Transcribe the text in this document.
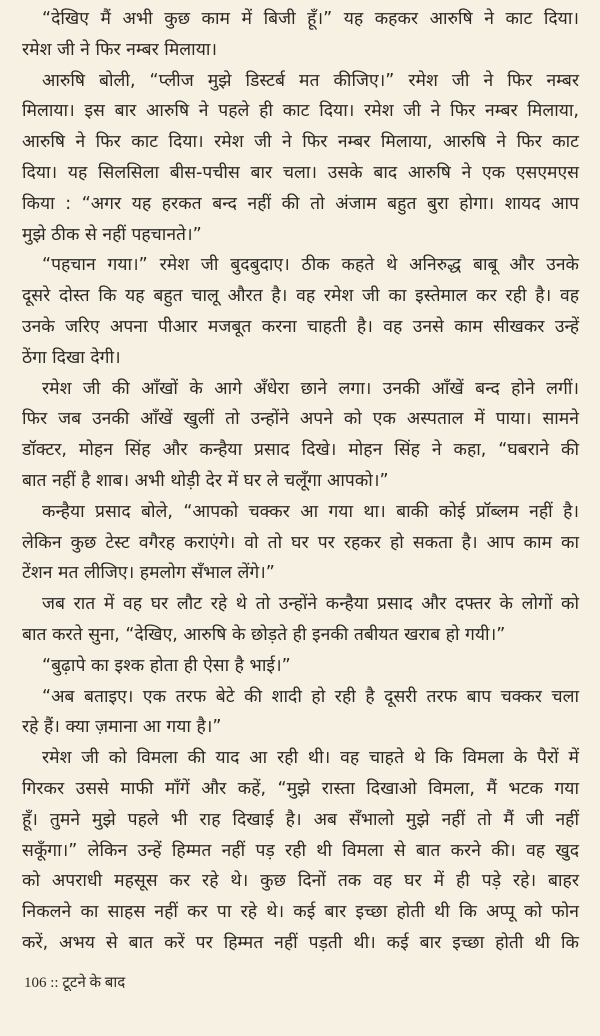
“देखिए मैं अभी कुछ काम में बिजी हूँ।” यह कहकर आरुषि ने काट दिया।
रमेश जी ने फिर नम्बर मिलाया।
आरुषि बोली, “प्लीज मुझे डिस्टर्ब मत कीजिए।” रमेश जी ने फिर नम्बर
मिलाया। इस बार आरुषि ने पहले ही काट दिया। रमेश जी ने फिर नम्बर मिलाया,
आरुषि ने फिर काट दिया। रमेश जी ने फिर नम्बर मिलाया, आरुषि ने फिर काट
दिया। यह सिलसिला बीस-पचीस बार चला। उसके बाद आरुषि ने एक एसएमएस
किया : “अगर यह हरकत बन्द नहीं की तो अंजाम बहुत बुरा होगा। शायद आप
मुझे ठीक से नहीं पहचानते।”
“पहचान गया।” रमेश जी बुदबुदाए। ठीक कहते थे अनिरुद्ध बाबू और उनके
दूसरे दोस्त कि यह बहुत चालू औरत है। वह रमेश जी का इस्तेमाल कर रही है। वह
उनके जरिए अपना पीआर मजबूत करना चाहती है। वह उनसे काम सीखकर उन्हें
ठेंगा दिखा देगी।
रमेश जी की आँखों के आगे अँधेरा छाने लगा। उनकी आँखें बन्द होने लगीं।
फिर जब उनकी आँखें खुलीं तो उन्होंने अपने को एक अस्पताल में पाया। सामने
डॉक्टर, मोहन सिंह और कन्हैया प्रसाद दिखे। मोहन सिंह ने कहा, “घबराने की
बात नहीं है शाब। अभी थोड़ी देर में घर ले चलूँगा आपको।”
कन्हैया प्रसाद बोले, “आपको चक्कर आ गया था। बाकी कोई प्रॉब्लम नहीं है।
लेकिन कुछ टेस्ट वगैरह कराएंगे। वो तो घर पर रहकर हो सकता है। आप काम का
टेंशन मत लीजिए। हमलोग सँभाल लेंगे।”
जब रात में वह घर लौट रहे थे तो उन्होंने कन्हैया प्रसाद और दफ्तर के लोगों को
बात करते सुना, “देखिए, आरुषि के छोड़ते ही इनकी तबीयत खराब हो गयी।”
“बुढ़ापे का इश्क होता ही ऐसा है भाई।”
“अब बताइए। एक तरफ बेटे की शादी हो रही है दूसरी तरफ बाप चक्कर चला
रहे हैं। क्या ज़माना आ गया है।”
रमेश जी को विमला की याद आ रही थी। वह चाहते थे कि विमला के पैरों में
गिरकर उससे माफी माँगें और कहें, “मुझे रास्ता दिखाओ विमला, मैं भटक गया
हूँ। तुमने मुझे पहले भी राह दिखाई है। अब सँभालो मुझे नहीं तो मैं जी नहीं
सकूँगा।” लेकिन उन्हें हिम्मत नहीं पड़ रही थी विमला से बात करने की। वह खुद
को अपराधी महसूस कर रहे थे। कुछ दिनों तक वह घर में ही पड़े रहे। बाहर
निकलने का साहस नहीं कर पा रहे थे। कई बार इच्छा होती थी कि अप्पू को फोन
करें, अभय से बात करें पर हिम्मत नहीं पड़ती थी। कई बार इच्छा होती थी कि
106 :: टूटने के बाद
